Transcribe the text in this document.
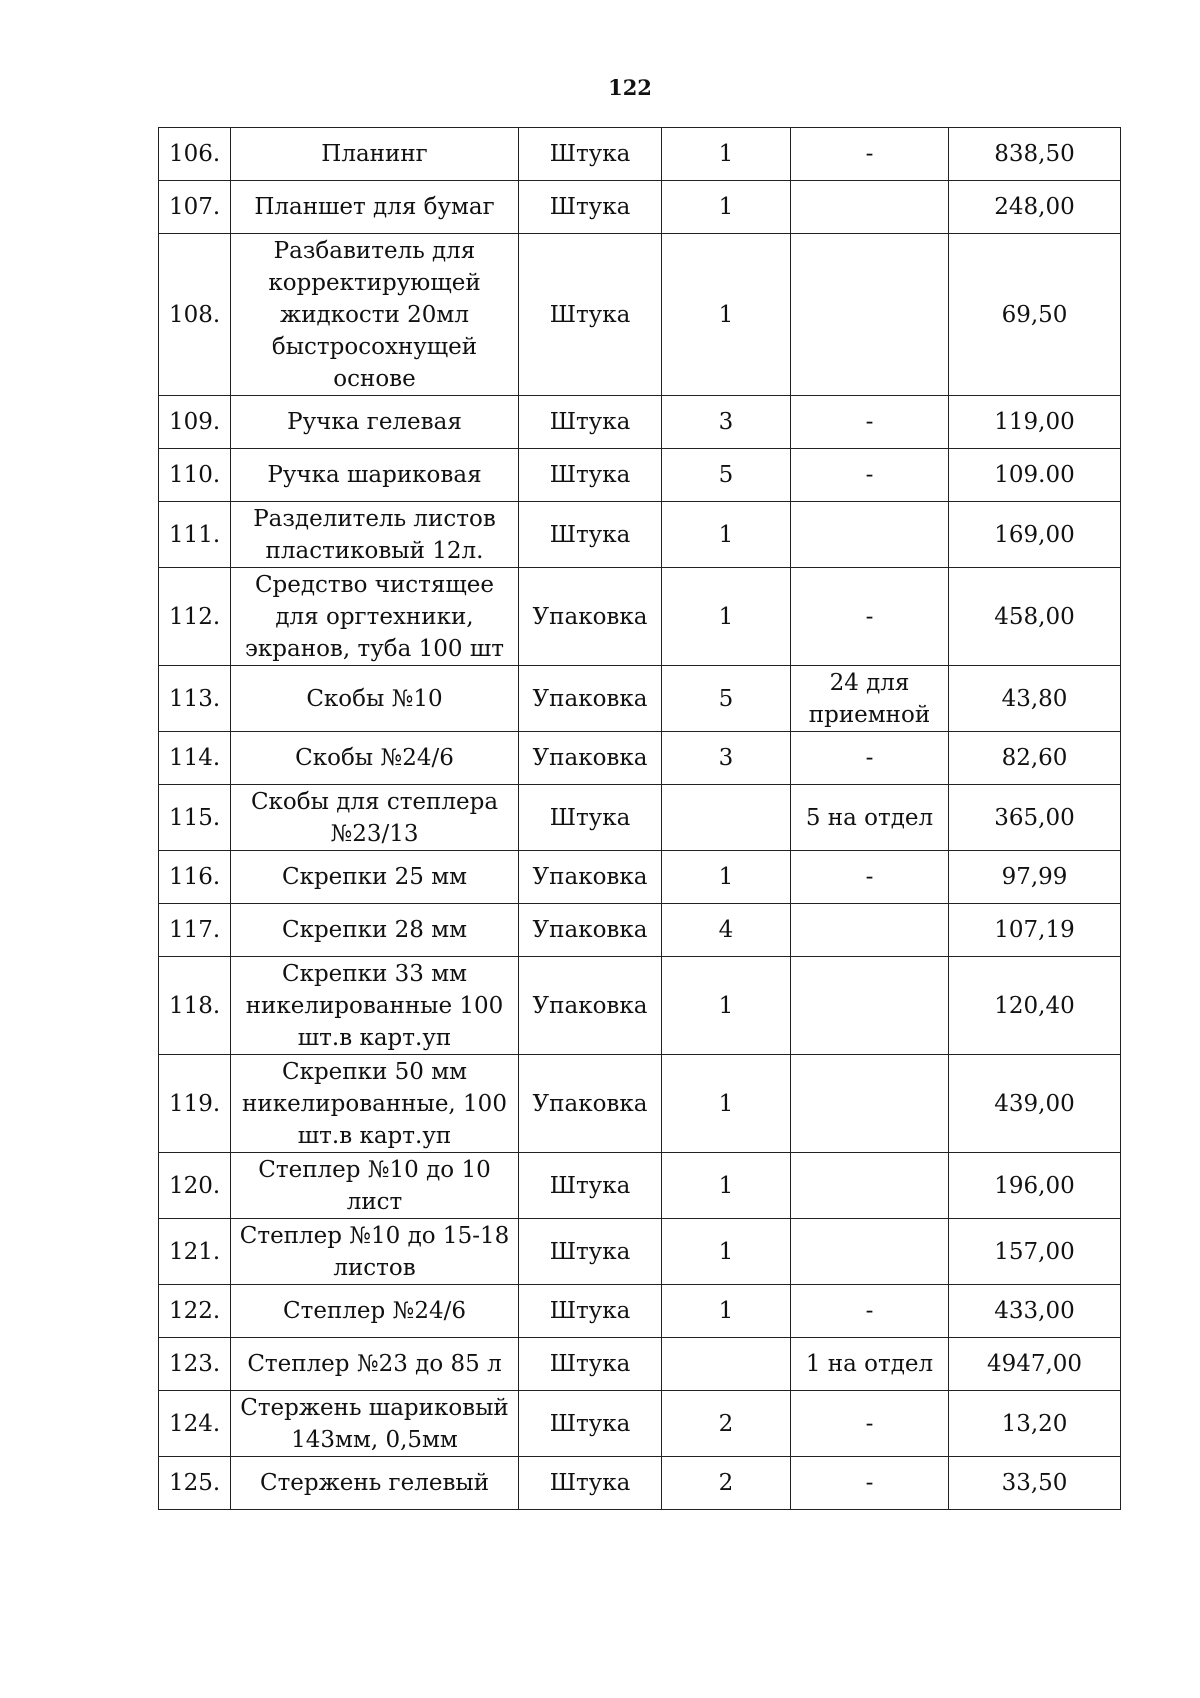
122
106.	Планинг	Штука	1	-	838,50
107.	Планшет для бумаг	Штука	1		248,00
108.	Разбавитель для корректирующей жидкости 20мл быстросохнущей основе	Штука	1		69,50
109.	Ручка гелевая	Штука	3	-	119,00
110.	Ручка шариковая	Штука	5	-	109.00
111.	Разделитель листов пластиковый 12л.	Штука	1		169,00
112.	Средство чистящее для оргтехники, экранов, туба 100 шт	Упаковка	1	-	458,00
113.	Скобы №10	Упаковка	5	24 для приемной	43,80
114.	Скобы №24/6	Упаковка	3	-	82,60
115.	Скобы для степлера №23/13	Штука		5 на отдел	365,00
116.	Скрепки 25 мм	Упаковка	1	-	97,99
117.	Скрепки 28 мм	Упаковка	4		107,19
118.	Скрепки 33 мм никелированные 100 шт.в карт.уп	Упаковка	1		120,40
119.	Скрепки 50 мм никелированные, 100 шт.в карт.уп	Упаковка	1		439,00
120.	Степлер №10 до 10 лист	Штука	1		196,00
121.	Степлер №10 до 15-18 листов	Штука	1		157,00
122.	Степлер №24/6	Штука	1	-	433,00
123.	Степлер №23 до 85 л	Штука		1 на отдел	4947,00
124.	Стержень шариковый 143мм, 0,5мм	Штука	2	-	13,20
125.	Стержень гелевый	Штука	2	-	33,50
